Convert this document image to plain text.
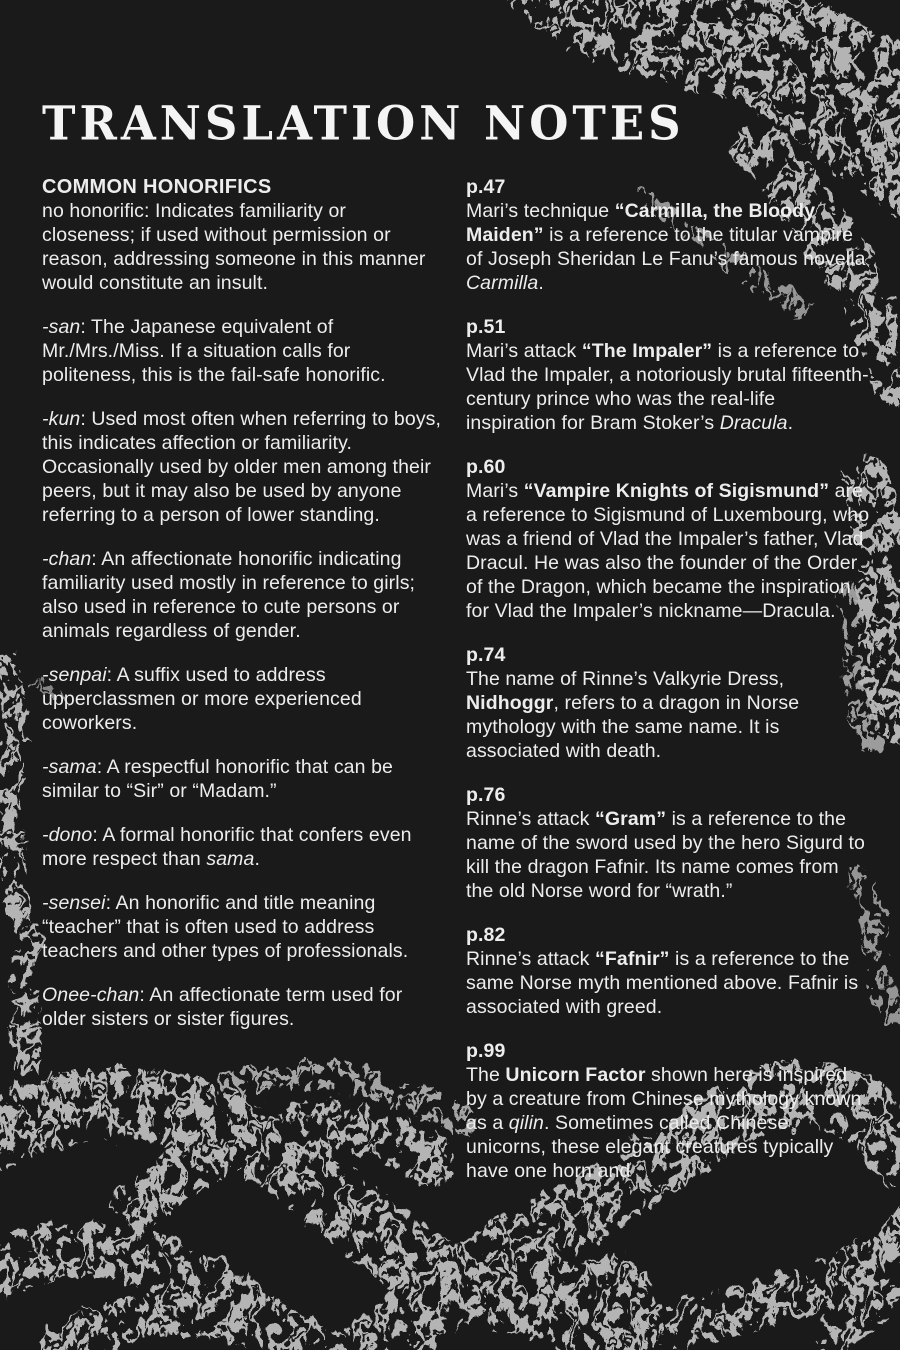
TRANSLATION NOTES
COMMON HONORIFICS

no honorific: Indicates familiarity or closeness; if used without permission or reason, addressing someone in this manner would constitute an insult.

-san: The Japanese equivalent of Mr./Mrs./Miss. If a situation calls for politeness, this is the fail-safe honorific.

-kun: Used most often when referring to boys, this indicates affection or familiarity. Occasionally used by older men among their peers, but it may also be used by anyone referring to a person of lower standing.

-chan: An affectionate honorific indicating familiarity used mostly in reference to girls; also used in reference to cute persons or animals regardless of gender.

-senpai: A suffix used to address upperclassmen or more experienced coworkers.

-sama: A respectful honorific that can be similar to “Sir” or “Madam.”

-dono: A formal honorific that confers even more respect than sama.

-sensei: An honorific and title meaning “teacher” that is often used to address teachers and other types of professionals.

Onee-chan: An affectionate term used for older sisters or sister figures.

p.47
Mari’s technique “Carmilla, the Bloody Maiden” is a reference to the titular vampire of Joseph Sheridan Le Fanu’s famous novella Carmilla.

p.51
Mari’s attack “The Impaler” is a reference to Vlad the Impaler, a notoriously brutal fifteenth-century prince who was the real-life inspiration for Bram Stoker’s Dracula.

p.60
Mari’s “Vampire Knights of Sigismund” are a reference to Sigismund of Luxembourg, who was a friend of Vlad the Impaler’s father, Vlad Dracul. He was also the founder of the Order of the Dragon, which became the inspiration for Vlad the Impaler’s nickname—Dracula.

p.74
The name of Rinne’s Valkyrie Dress, Nidhoggr, refers to a dragon in Norse mythology with the same name. It is associated with death.

p.76
Rinne’s attack “Gram” is a reference to the name of the sword used by the hero Sigurd to kill the dragon Fafnir. Its name comes from the old Norse word for “wrath.”

p.82
Rinne’s attack “Fafnir” is a reference to the same Norse myth mentioned above. Fafnir is associated with greed.

p.99
The Unicorn Factor shown here is inspired by a creature from Chinese mythology known as a qilin. Sometimes called Chinese unicorns, these elegant creatures typically have one horn and
